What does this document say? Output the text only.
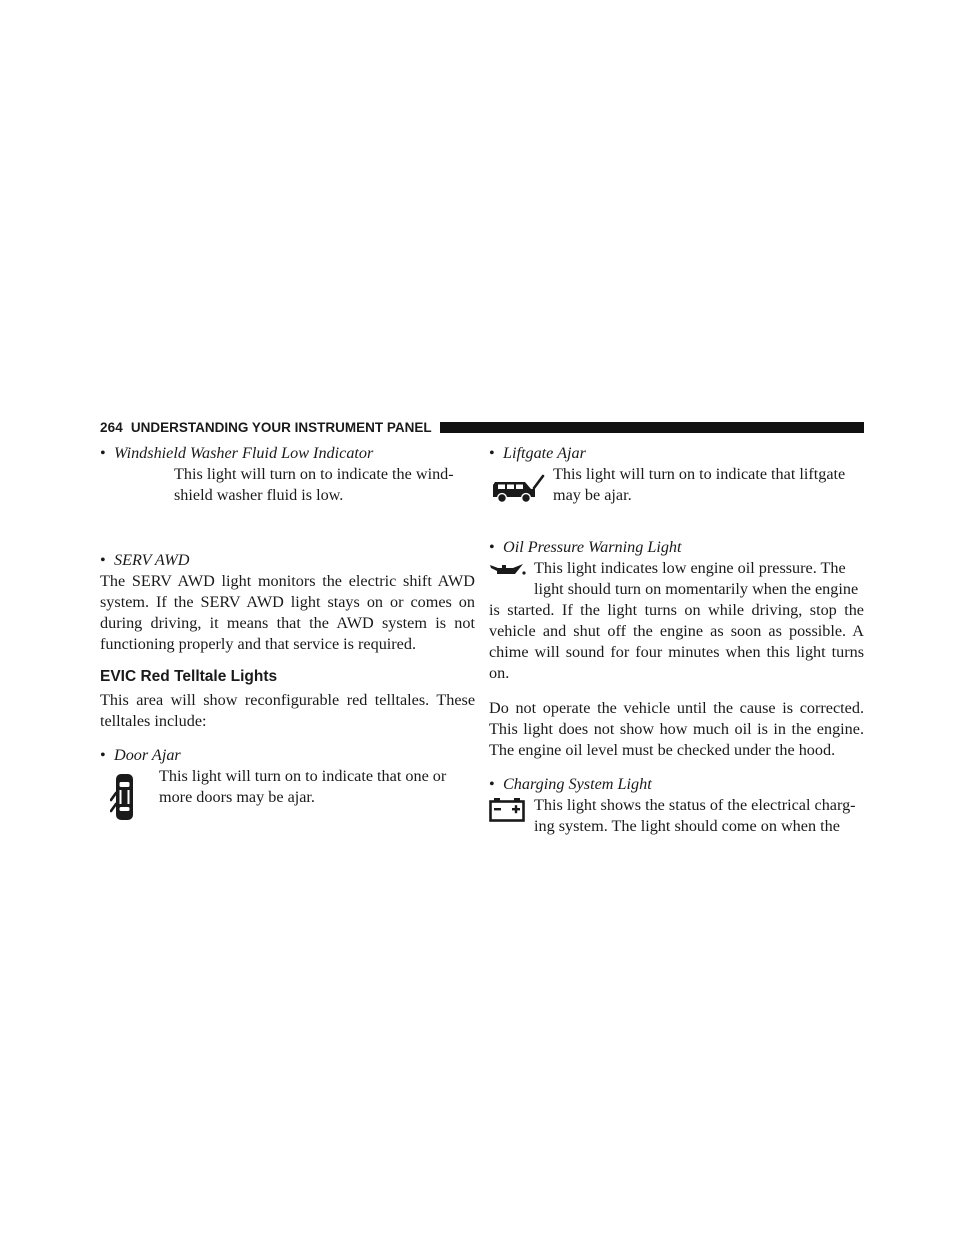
264 UNDERSTANDING YOUR INSTRUMENT PANEL
• Windshield Washer Fluid Low Indicator
This light will turn on to indicate the wind-
shield washer fluid is low.
• SERV AWD
The SERV AWD light monitors the electric shift AWD system. If the SERV AWD light stays on or comes on during driving, it means that the AWD system is not functioning properly and that service is required.
EVIC Red Telltale Lights
This area will show reconfigurable red telltales. These telltales include:
• Door Ajar
This light will turn on to indicate that one or
more doors may be ajar.
• Liftgate Ajar
This light will turn on to indicate that liftgate
may be ajar.
• Oil Pressure Warning Light
This light indicates low engine oil pressure. The
light should turn on momentarily when the engine
is started. If the light turns on while driving, stop the vehicle and shut off the engine as soon as possible. A chime will sound for four minutes when this light turns on.
Do not operate the vehicle until the cause is corrected. This light does not show how much oil is in the engine. The engine oil level must be checked under the hood.
• Charging System Light
This light shows the status of the electrical charg-
ing system. The light should come on when the
